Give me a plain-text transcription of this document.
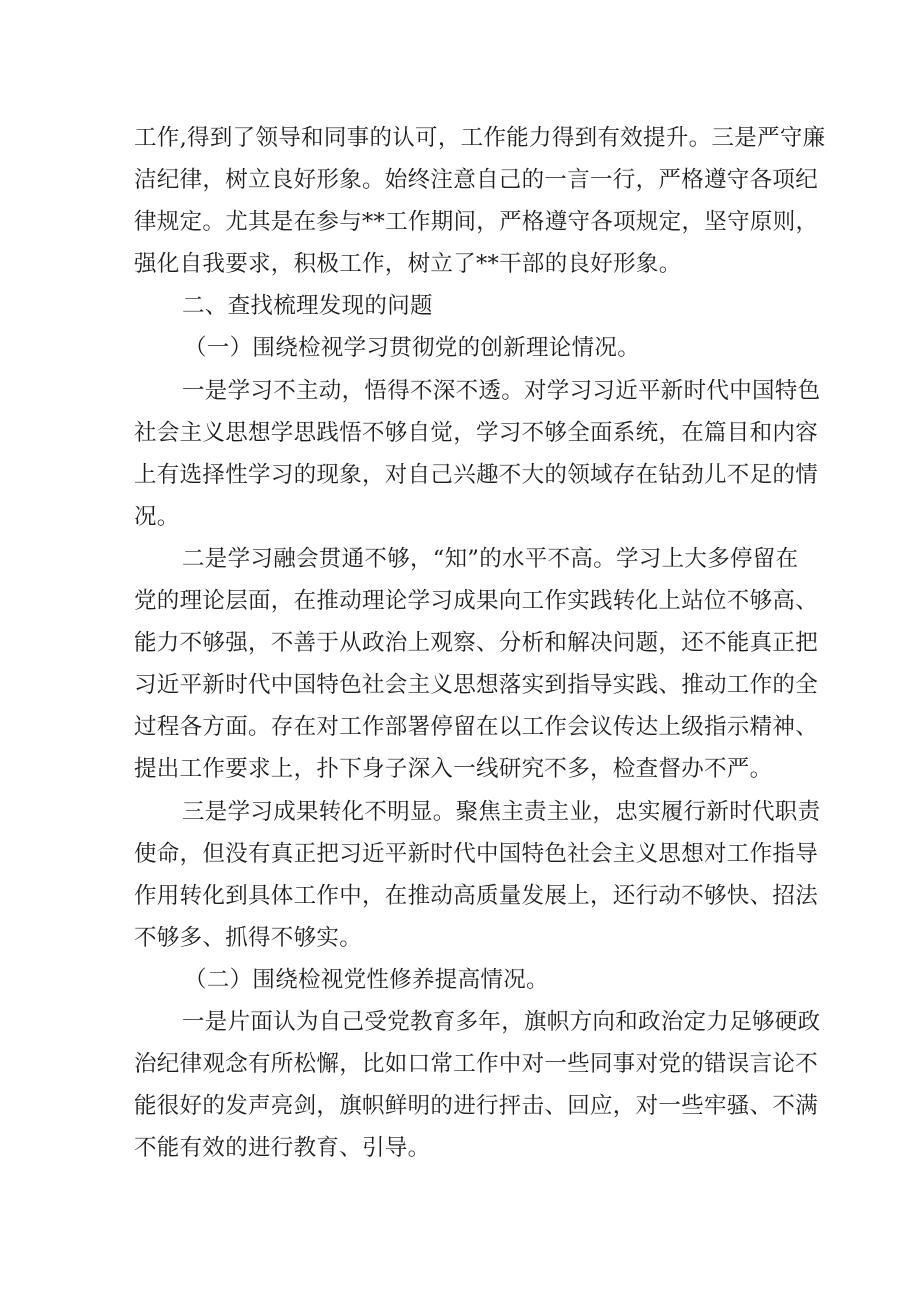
工作,得到了领导和同事的认可，工作能力得到有效提升。三是严守廉
洁纪律，树立良好形象。始终注意自己的一言一行，严格遵守各项纪
律规定。尤其是在参与**工作期间，严格遵守各项规定，坚守原则，
强化自我要求，积极工作，树立了**干部的良好形象。
二、查找梳理发现的问题
（一）围绕检视学习贯彻党的创新理论情况。
一是学习不主动，悟得不深不透。对学习习近平新时代中国特色
社会主义思想学思践悟不够自觉，学习不够全面系统，在篇目和内容
上有选择性学习的现象，对自己兴趣不大的领域存在钻劲儿不足的情
况。
二是学习融会贯通不够，“知”的水平不高。学习上大多停留在
党的理论层面，在推动理论学习成果向工作实践转化上站位不够高、
能力不够强，不善于从政治上观察、分析和解决问题，还不能真正把
习近平新时代中国特色社会主义思想落实到指导实践、推动工作的全
过程各方面。存在对工作部署停留在以工作会议传达上级指示精神、
提出工作要求上，扑下身子深入一线研究不多，检查督办不严。
三是学习成果转化不明显。聚焦主责主业，忠实履行新时代职责
使命，但没有真正把习近平新时代中国特色社会主义思想对工作指导
作用转化到具体工作中，在推动高质量发展上，还行动不够快、招法
不够多、抓得不够实。
（二）围绕检视党性修养提高情况。
一是片面认为自己受党教育多年，旗帜方向和政治定力足够硬政
治纪律观念有所松懈，比如口常工作中对一些同事对党的错误言论不
能很好的发声亮剑，旗帜鲜明的进行抨击、回应，对一些牢骚、不满
不能有效的进行教育、引导。
